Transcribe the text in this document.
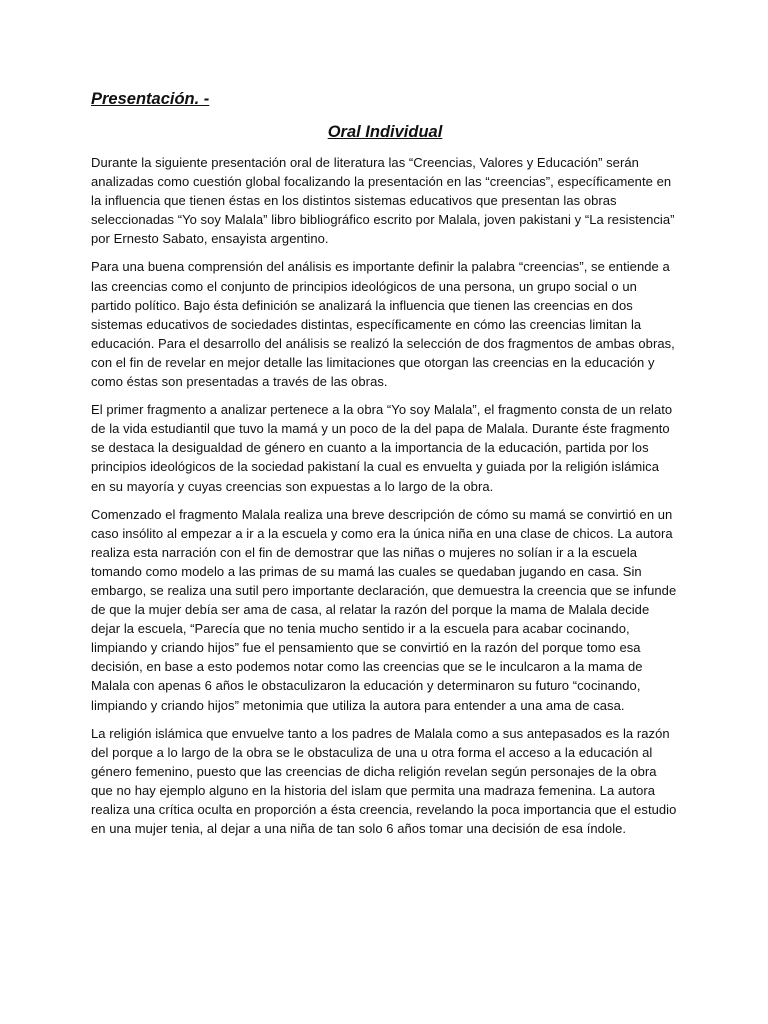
Presentación. -

Oral Individual

Durante la siguiente presentación oral de literatura las “Creencias, Valores y Educación” serán analizadas como cuestión global focalizando la presentación en las “creencias”, específicamente en la influencia que tienen éstas en los distintos sistemas educativos que presentan las obras seleccionadas “Yo soy Malala” libro bibliográfico escrito por Malala, joven pakistani y “La resistencia” por Ernesto Sabato, ensayista argentino.

Para una buena comprensión del análisis es importante definir la palabra “creencias”, se entiende a las creencias como el conjunto de principios ideológicos de una persona, un grupo social o un partido político. Bajo ésta definición se analizará la influencia que tienen las creencias en dos sistemas educativos de sociedades distintas, específicamente en cómo las creencias limitan la educación. Para el desarrollo del análisis se realizó la selección de dos fragmentos de ambas obras, con el fin de revelar en mejor detalle las limitaciones que otorgan las creencias en la educación y como éstas son presentadas a través de las obras.

El primer fragmento a analizar pertenece a la obra “Yo soy Malala”, el fragmento consta de un relato de la vida estudiantil que tuvo la mamá y un poco de la del papa de Malala. Durante éste fragmento se destaca la desigualdad de género en cuanto a la importancia de la educación, partida por los principios ideológicos de la sociedad pakistaní la cual es envuelta y guiada por la religión islámica en su mayoría y cuyas creencias son expuestas a lo largo de la obra.

Comenzado el fragmento Malala realiza una breve descripción de cómo su mamá se convirtió en un caso insólito al empezar a ir a la escuela y como era la única niña en una clase de chicos. La autora realiza esta narración con el fin de demostrar que las niñas o mujeres no solían ir a la escuela tomando como modelo a las primas de su mamá las cuales se quedaban jugando en casa. Sin embargo, se realiza una sutil pero importante declaración, que demuestra la creencia que se infunde de que la mujer debía ser ama de casa, al relatar la razón del porque la mama de Malala decide dejar la escuela, “Parecía que no tenia mucho sentido ir a la escuela para acabar cocinando, limpiando y criando hijos” fue el pensamiento que se convirtió en la razón del porque tomo esa decisión, en base a esto podemos notar como las creencias que se le inculcaron a la mama de Malala con apenas 6 años le obstaculizaron la educación y determinaron su futuro “cocinando, limpiando y criando hijos” metonimia que utiliza la autora para entender a una ama de casa.

La religión islámica que envuelve tanto a los padres de Malala como a sus antepasados es la razón del porque a lo largo de la obra se le obstaculiza de una u otra forma el acceso a la educación al género femenino, puesto que las creencias de dicha religión revelan según personajes de la obra que no hay ejemplo alguno en la historia del islam que permita una madraza femenina. La autora realiza una crítica oculta en proporción a ésta creencia, revelando la poca importancia que el estudio en una mujer tenia, al dejar a una niña de tan solo 6 años tomar una decisión de esa índole.
